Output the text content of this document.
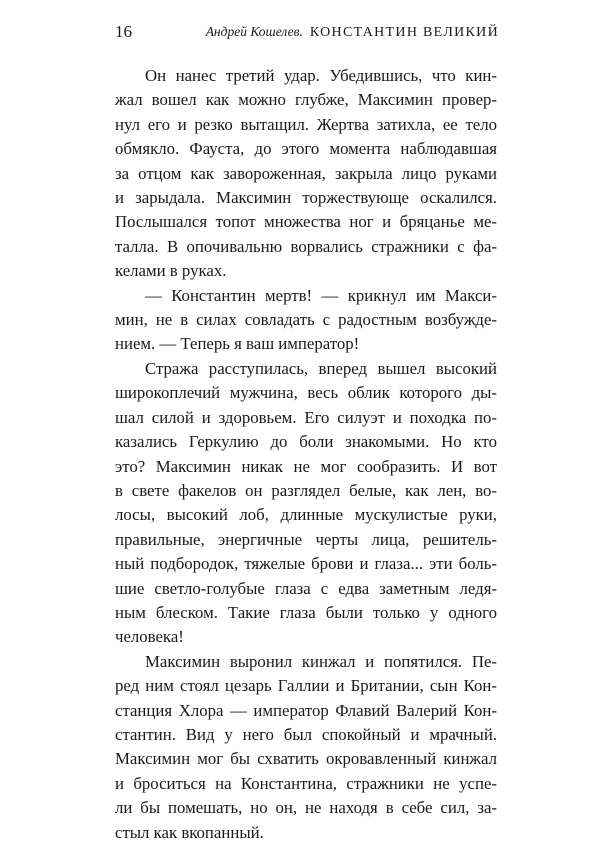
16	Андрей Кошелев. КОНСТАНТИН ВЕЛИКИЙ

Он нанес третий удар. Убедившись, что кин-
жал вошел как можно глубже, Максимин провер-
нул его и резко вытащил. Жертва затихла, ее тело
обмякло. Фауста, до этого момента наблюдавшая
за отцом как завороженная, закрыла лицо руками
и зарыдала. Максимин торжествующе оскалился.
Послышался топот множества ног и бряцанье ме-
талла. В опочивальню ворвались стражники с фа-
келами в руках.

— Константин мертв! — крикнул им Макси-
мин, не в силах совладать с радостным возбужде-
нием. — Теперь я ваш император!

Стража расступилась, вперед вышел высокий
широкоплечий мужчина, весь облик которого ды-
шал силой и здоровьем. Его силуэт и походка по-
казались Геркулию до боли знакомыми. Но кто
это? Максимин никак не мог сообразить. И вот
в свете факелов он разглядел белые, как лен, во-
лосы, высокий лоб, длинные мускулистые руки,
правильные, энергичные черты лица, решитель-
ный подбородок, тяжелые брови и глаза... эти боль-
шие светло-голубые глаза с едва заметным ледя-
ным блеском. Такие глаза были только у одного
человека!

Максимин выронил кинжал и попятился. Пе-
ред ним стоял цезарь Галлии и Британии, сын Кон-
станция Хлора — император Флавий Валерий Кон-
стантин. Вид у него был спокойный и мрачный.
Максимин мог бы схватить окровавленный кинжал
и броситься на Константина, стражники не успе-
ли бы помешать, но он, не находя в себе сил, за-
стыл как вкопанный.
